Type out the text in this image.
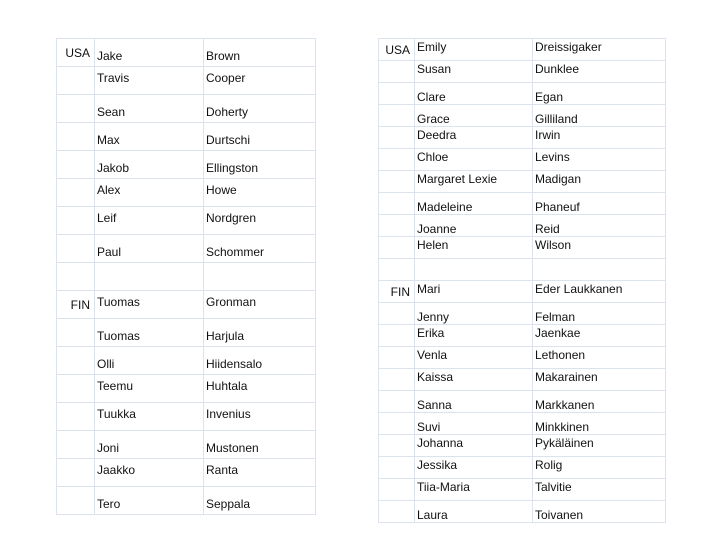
USA	Jake	Brown
	Travis	Cooper
	Sean	Doherty
	Max	Durtschi
	Jakob	Ellingston
	Alex	Howe
	Leif	Nordgren
	Paul	Schommer

FIN	Tuomas	Gronman
	Tuomas	Harjula
	Olli	Hiidensalo
	Teemu	Huhtala
	Tuukka	Invenius
	Joni	Mustonen
	Jaakko	Ranta
	Tero	Seppala
USA	Emily	Dreissigaker
	Susan	Dunklee
	Clare	Egan
	Grace	Gilliland
	Deedra	Irwin
	Chloe	Levins
	Margaret Lexie	Madigan
	Madeleine	Phaneuf
	Joanne	Reid
	Helen	Wilson

FIN	Mari	Eder Laukkanen
	Jenny	Felman
	Erika	Jaenkae
	Venla	Lethonen
	Kaissa	Makarainen
	Sanna	Markkanen
	Suvi	Minkkinen
	Johanna	Pykäläinen
	Jessika	Rolig
	Tiia-Maria	Talvitie
	Laura	Toivanen
